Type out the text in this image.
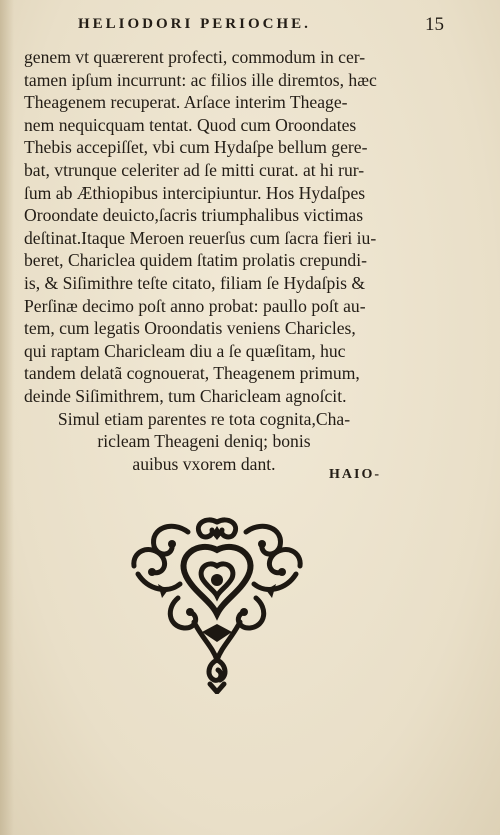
HELIODORI PERIOCHE.	15
genem vt quærerent profecti, commodum in cer-
tamen ipſum incurrunt: ac filios ille diremtos, hæc
Theagenem recuperat. Arſace interim Theage-
nem nequicquam tentat. Quod cum Oroondates
Thebis accepiſſet, vbi cum Hydaſpe bellum gere-
bat, vtrunque celeriter ad ſe mitti curat. at hi rur-
ſum ab Æthiopibus intercipiuntur. Hos Hydaſpes
Oroondate deuicto,ſacris triumphalibus victimas
deſtinat.Itaque Meroen reuerſus cum ſacra fieri iu-
beret, Chariclea quidem ſtatim prolatis crepundi-
is, & Siſimithre teſte citato, filiam ſe Hydaſpis &
Perſinæ decimo poſt anno probat: paullo poſt au-
tem, cum legatis Oroondatis veniens Charicles,
qui raptam Charicleam diu a ſe quæſitam, huc
tandem delatã cognouerat, Theagenem primum,
deinde Siſimithrem, tum Charicleam agnoſcit.
Simul etiam parentes re tota cognita,Cha-
ricleam Theageni deniq; bonis
auibus vxorem dant.
HAIO-
